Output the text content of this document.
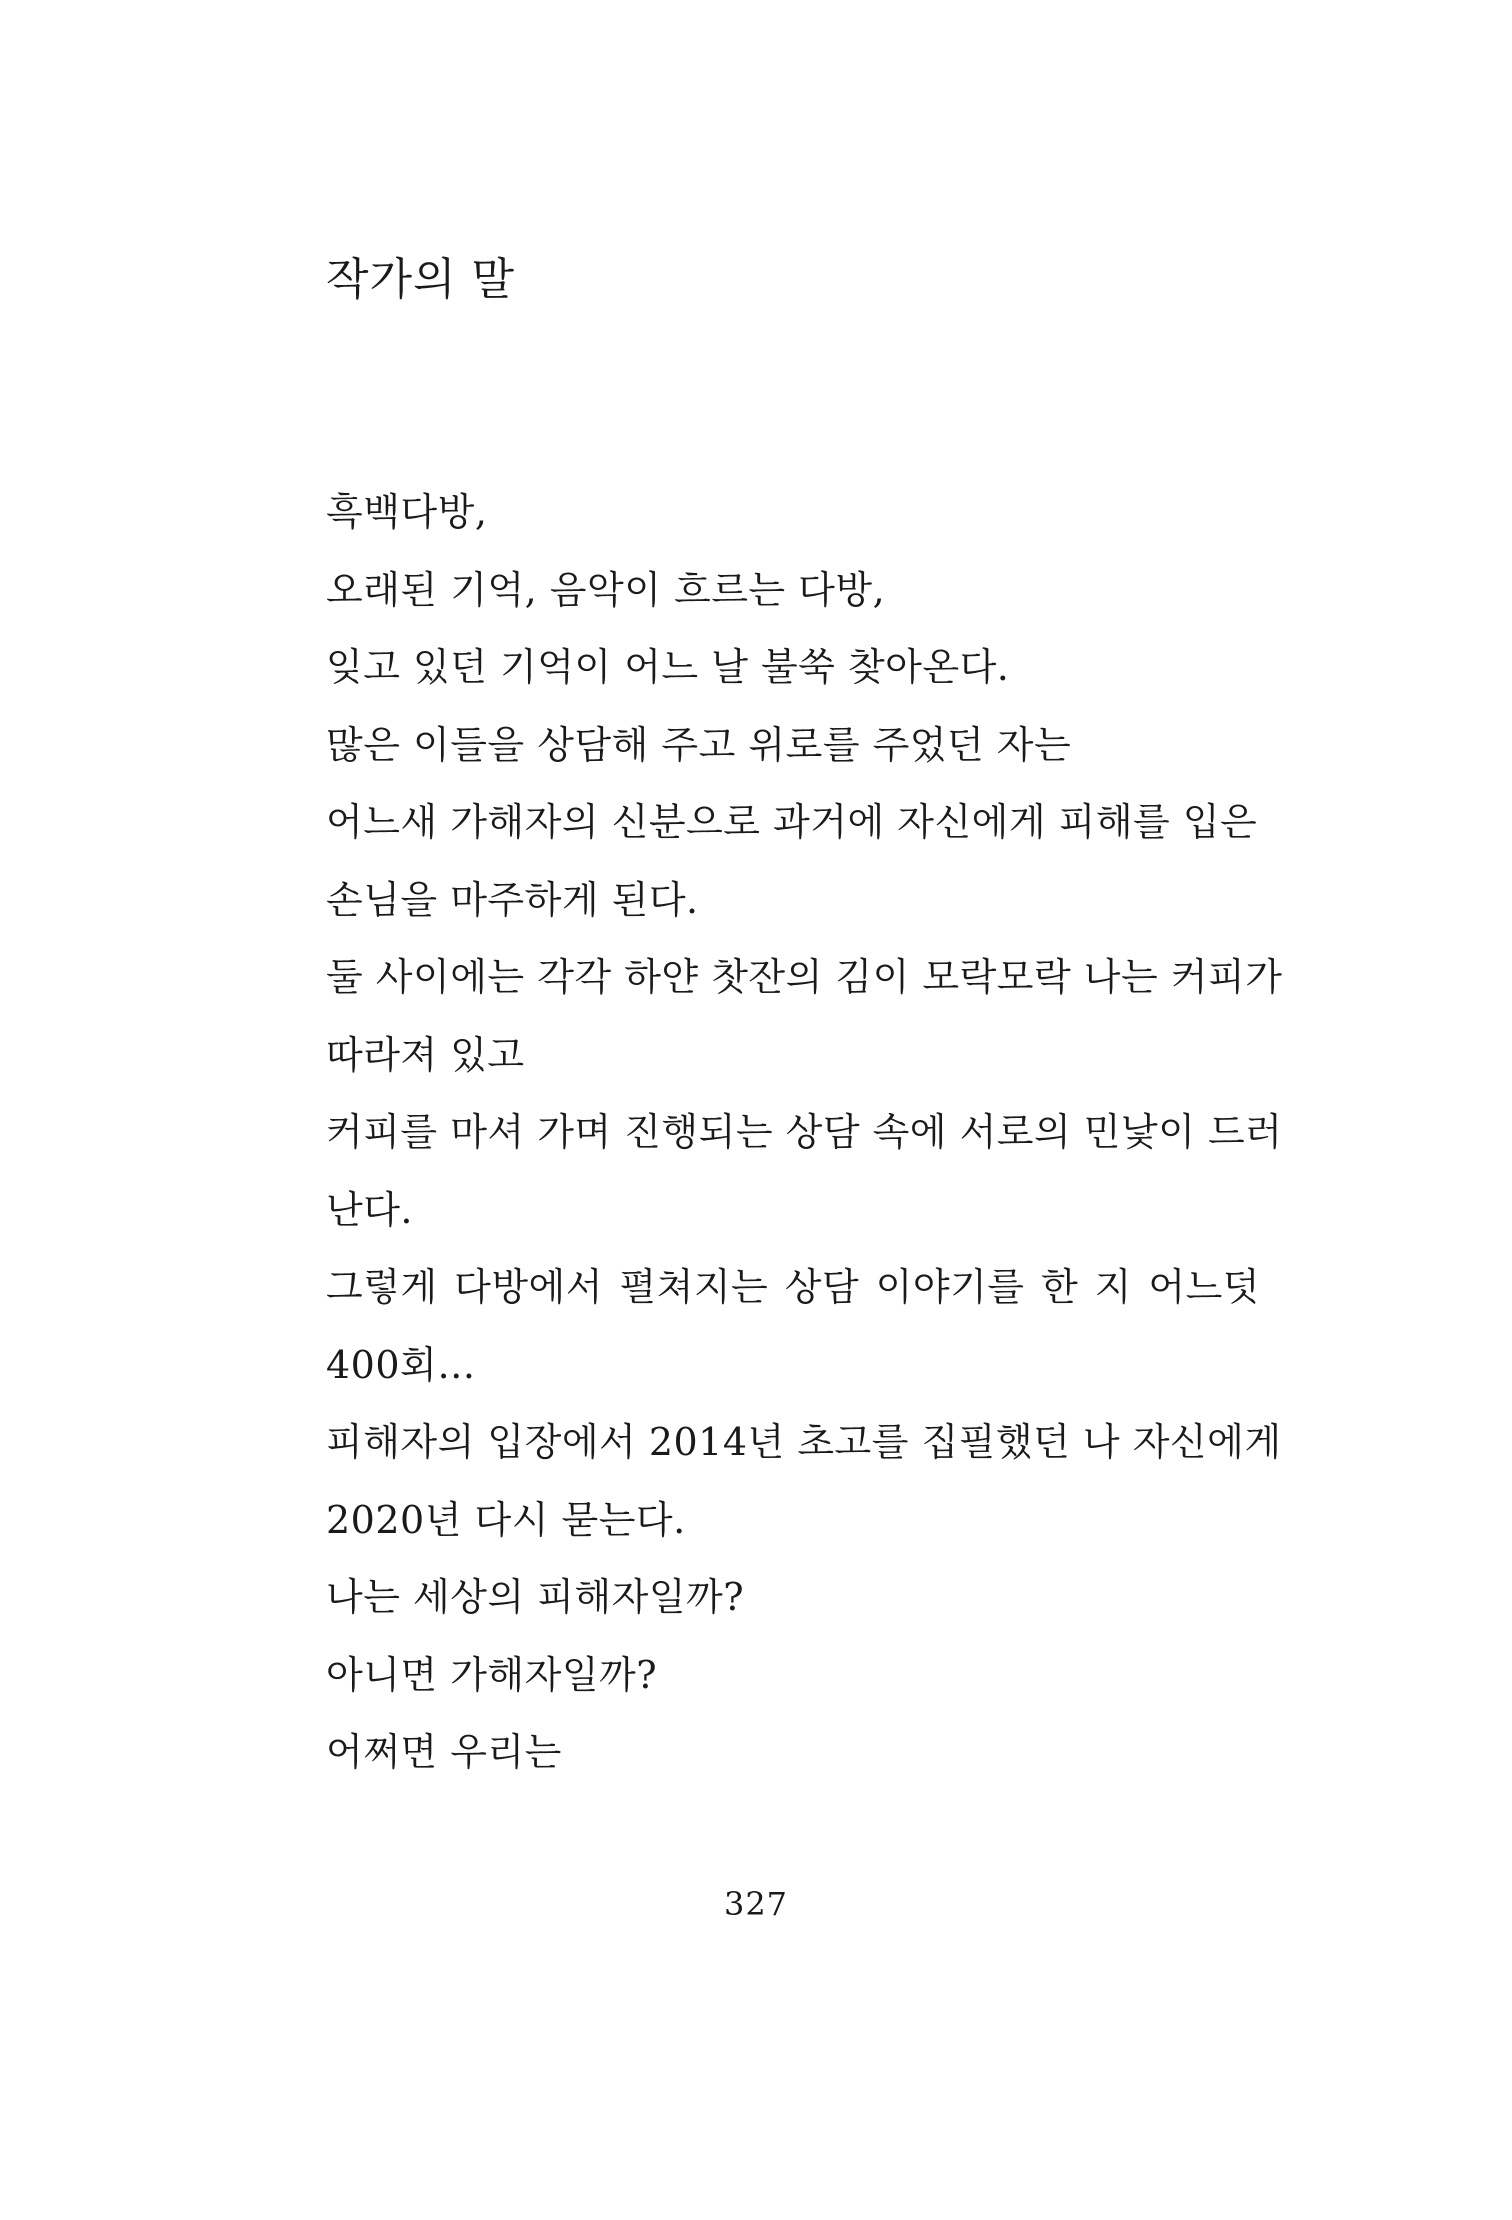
작가의 말
흑백다방,
오래된 기억, 음악이 흐르는 다방,
잊고 있던 기억이 어느 날 불쑥 찾아온다.
많은 이들을 상담해 주고 위로를 주었던 자는
어느새 가해자의 신분으로 과거에 자신에게 피해를 입은
손님을 마주하게 된다.
둘 사이에는 각각 하얀 찻잔의 김이 모락모락 나는 커피가
따라져 있고
커피를 마셔 가며 진행되는 상담 속에 서로의 민낯이 드러
난다.
그렇게 다방에서 펼쳐지는 상담 이야기를 한 지 어느덧
400회…
피해자의 입장에서 2014년 초고를 집필했던 나 자신에게
2020년 다시 묻는다.
나는 세상의 피해자일까?
아니면 가해자일까?
어쩌면 우리는
327
